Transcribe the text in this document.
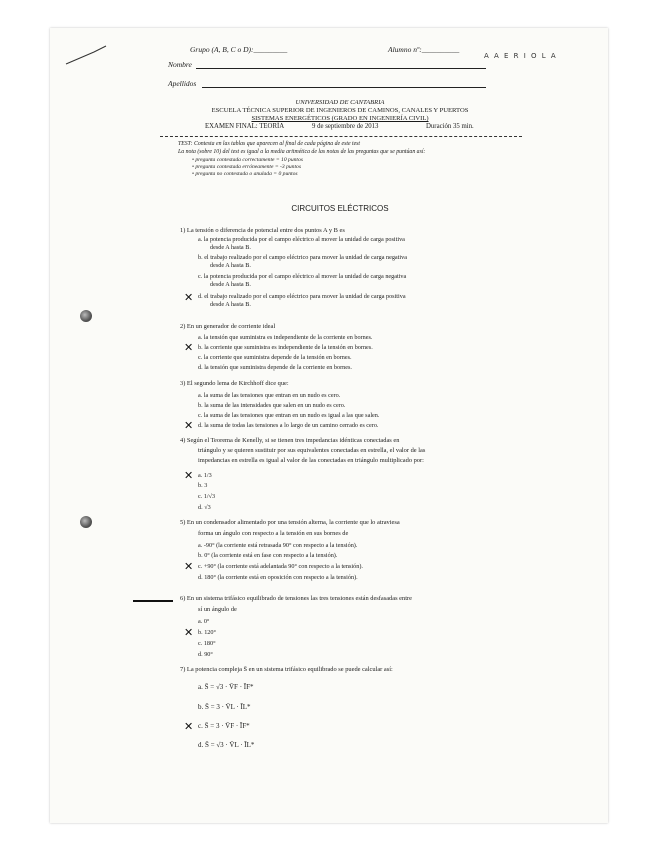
Grupo (A, B, C o D):_________	Alumno nº:__________
A A E R I O L A
Nombre
Apellidos
UNIVERSIDAD DE CANTABRIA
ESCUELA TÉCNICA SUPERIOR DE INGENIEROS DE CAMINOS, CANALES Y PUERTOS
SISTEMAS ENERGÉTICOS (GRADO EN INGENIERÍA CIVIL)
EXAMEN FINAL: TEORÍA	9 de septiembre de 2013	Duración 35 min.
TEST: Contesta en las tablas que aparecen al final de cada página de este test
La nota (sobre 10) del test es igual a la media aritmética de las notas de las preguntas que se puntúan así:
• pregunta contestada correctamente = 10 puntos
• pregunta contestada erróneamente = -3 puntos
• pregunta no contestada o anulada = 0 puntos
CIRCUITOS ELÉCTRICOS
1) La tensión o diferencia de potencial entre dos puntos A y B es
a. la potencia producida por el campo eléctrico al mover la unidad de carga positiva
desde A hasta B.
b. el trabajo realizado por el campo eléctrico para mover la unidad de carga negativa
desde A hasta B.
c. la potencia producida por el campo eléctrico al mover la unidad de carga negativa
desde A hasta B.
✕ d. el trabajo realizado por el campo eléctrico para mover la unidad de carga positiva
desde A hasta B.
2) En un generador de corriente ideal
a. la tensión que suministra es independiente de la corriente en bornes.
✕ b. la corriente que suministra es independiente de la tensión en bornes.
c. la corriente que suministra depende de la tensión en bornes.
d. la tensión que suministra depende de la corriente en bornes.
3) El segundo lema de Kirchhoff dice que:
a. la suma de las tensiones que entran en un nudo es cero.
b. la suma de las intensidades que salen en un nudo es cero.
c. la suma de las tensiones que entran en un nudo es igual a las que salen.
✕ d. la suma de todas las tensiones a lo largo de un camino cerrado es cero.
4) Según el Teorema de Kenelly, si se tienen tres impedancias idénticas conectadas en
triángulo y se quieren sustituir por sus equivalentes conectadas en estrella, el valor de las
impedancias en estrella es igual al valor de las conectadas en triángulo multiplicado por:
✕ a. 1/3
b. 3
c. 1/√3
d. √3
5) En un condensador alimentado por una tensión alterna, la corriente que lo atraviesa
forma un ángulo con respecto a la tensión en sus bornes de
a. -90° (la corriente está retrasada 90° con respecto a la tensión).
b. 0° (la corriente está en fase con respecto a la tensión).
✕ c. +90° (la corriente está adelantada 90° con respecto a la tensión).
d. 180° (la corriente está en oposición con respecto a la tensión).
6) En un sistema trifásico equilibrado de tensiones las tres tensiones están desfasadas entre
sí un ángulo de
a. 0°
✕ b. 120°
c. 180°
d. 90°
7) La potencia compleja S̄ en un sistema trifásico equilibrado se puede calcular así:
a. S̄ = √3 · V̄F · ĪF*
b. S̄ = 3 · V̄L · ĪL*
✕ c. S̄ = 3 · V̄F · ĪF*
d. S̄ = √3 · V̄L · ĪL*
